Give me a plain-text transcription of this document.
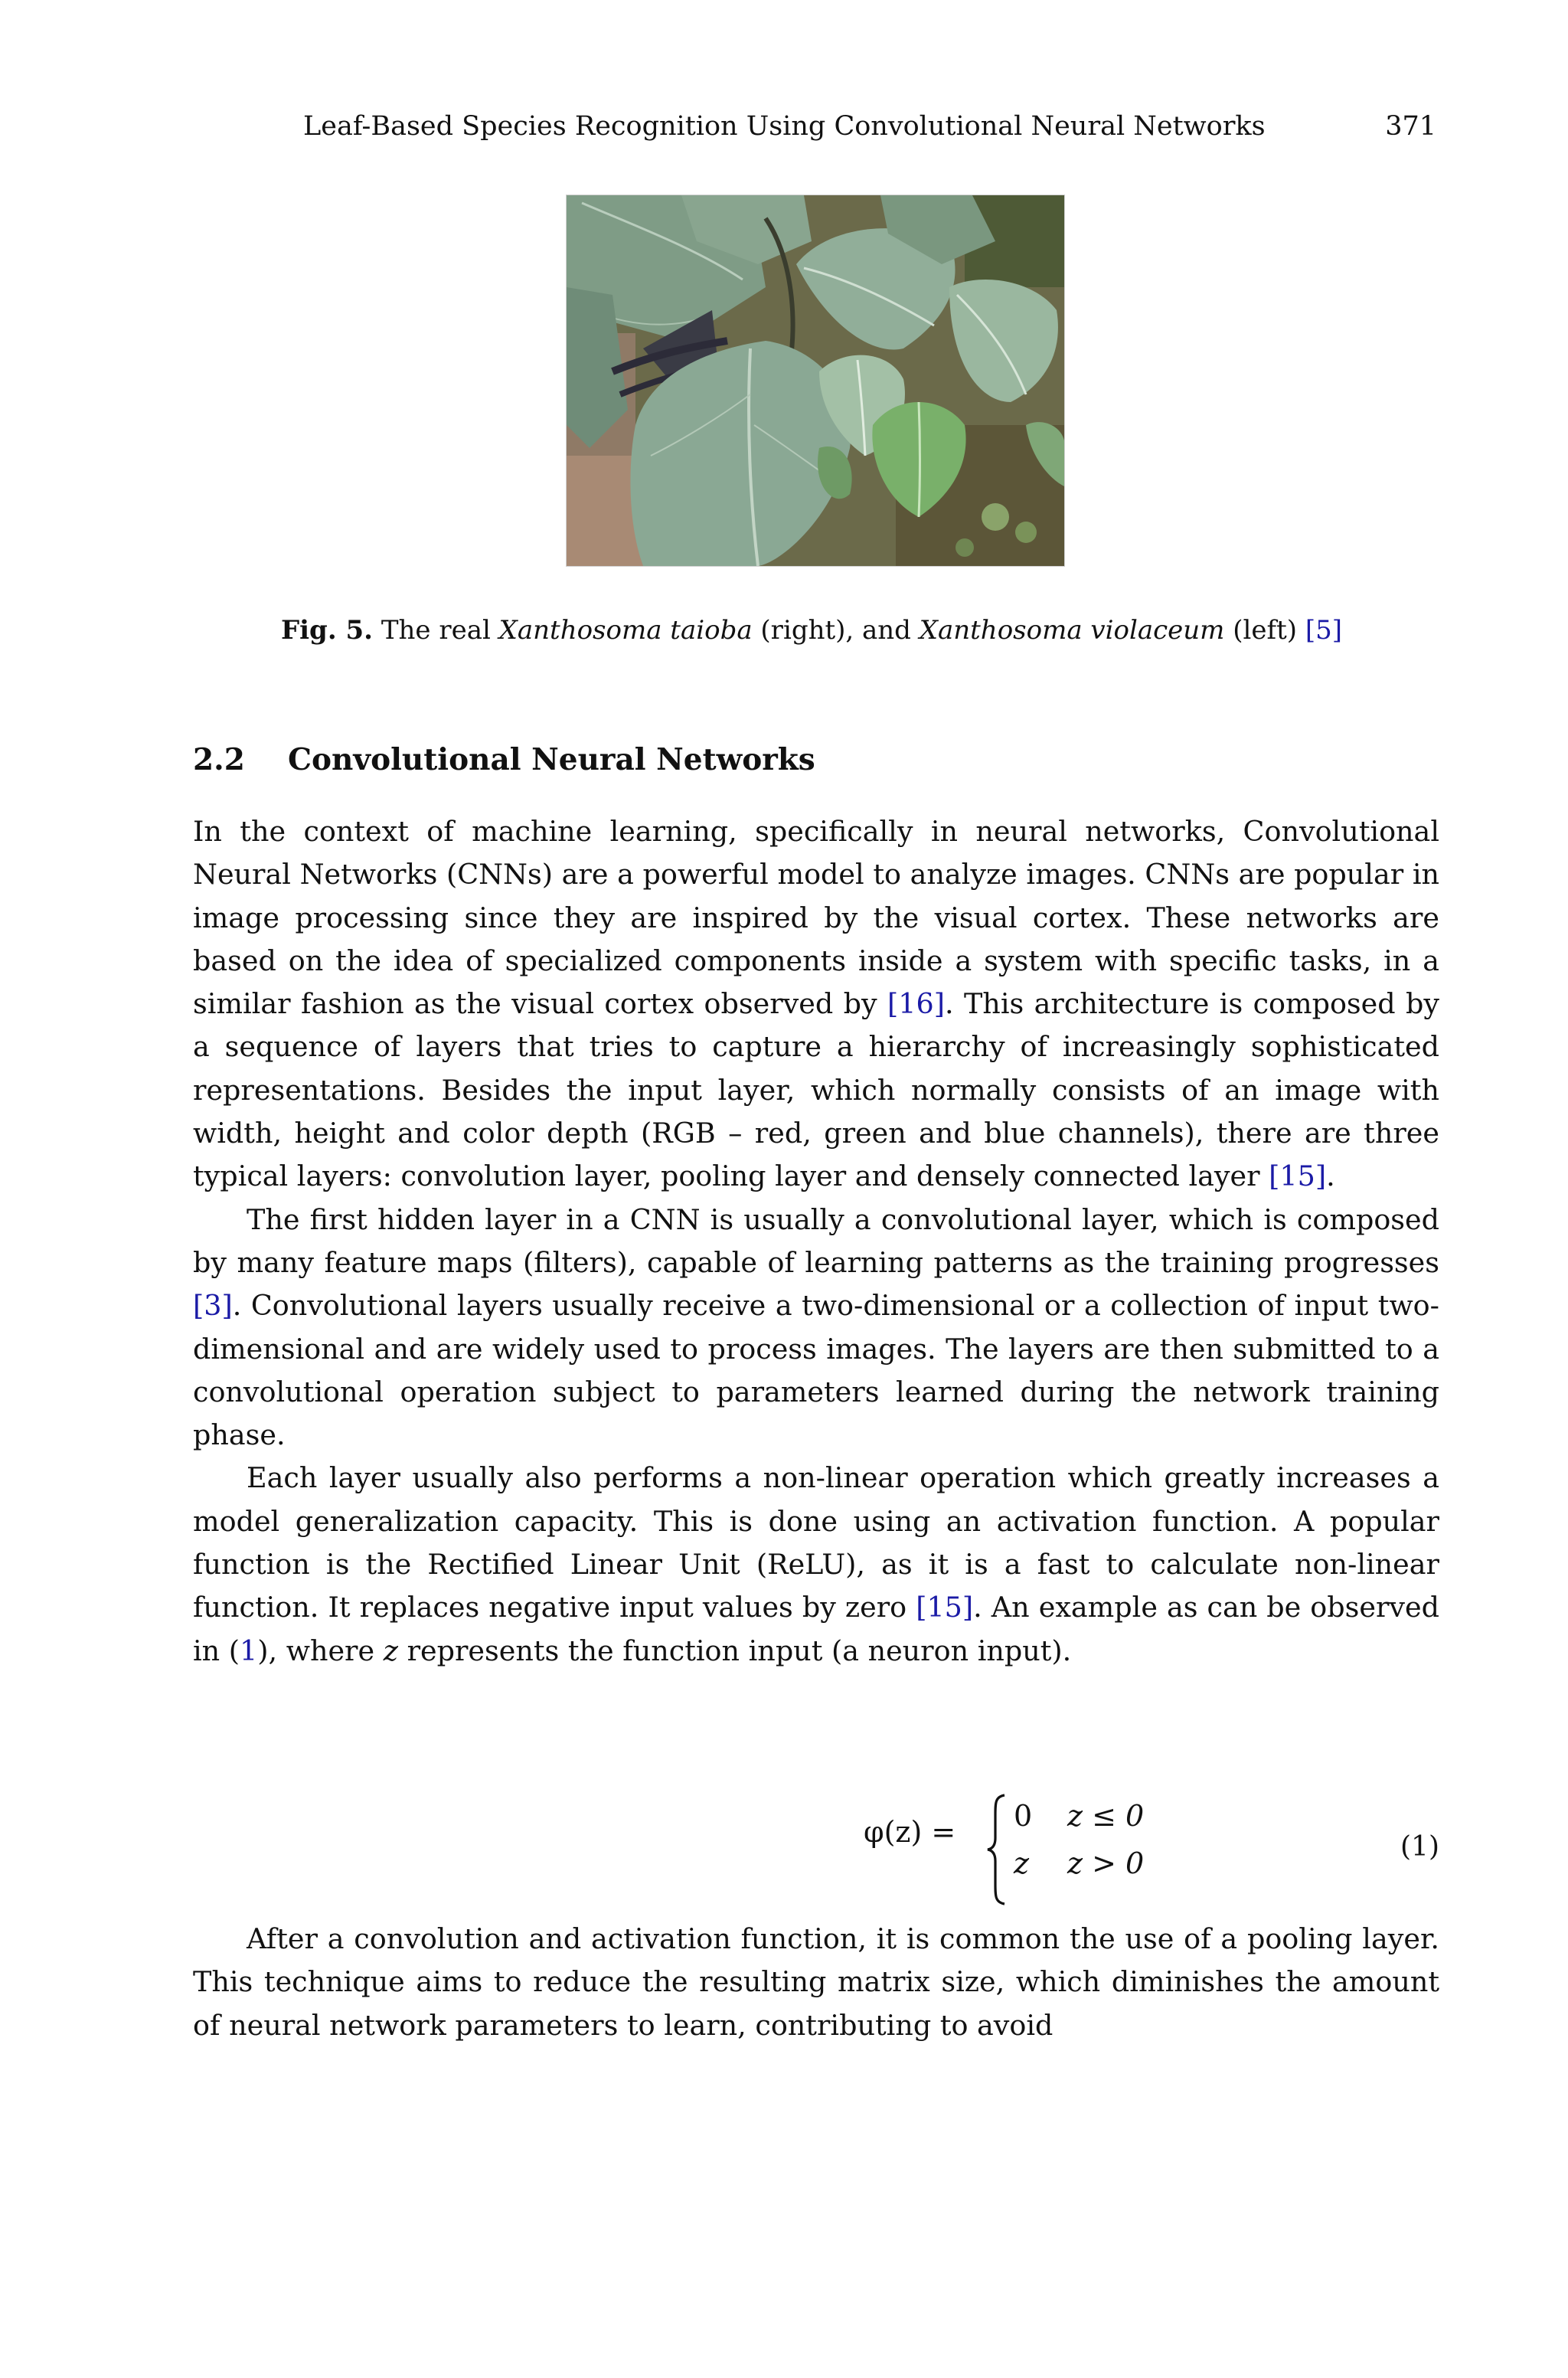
Leaf-Based Species Recognition Using Convolutional Neural Networks	371
Fig. 5. The real Xanthosoma taioba (right), and Xanthosoma violaceum (left) [5]
2.2 Convolutional Neural Networks

In the context of machine learning, specifically in neural networks, Convolutional Neural Networks (CNNs) are a powerful model to analyze images. CNNs are popular in image processing since they are inspired by the visual cortex. These networks are based on the idea of specialized components inside a system with specific tasks, in a similar fashion as the visual cortex observed by [16]. This architecture is composed by a sequence of layers that tries to capture a hierarchy of increasingly sophisticated representations. Besides the input layer, which normally consists of an image with width, height and color depth (RGB – red, green and blue channels), there are three typical layers: convolution layer, pooling layer and densely connected layer [15].

The first hidden layer in a CNN is usually a convolutional layer, which is composed by many feature maps (filters), capable of learning patterns as the training progresses [3]. Convolutional layers usually receive a two-dimensional or a collection of input two-dimensional and are widely used to process images. The layers are then submitted to a convolutional operation subject to parameters learned during the network training phase.

Each layer usually also performs a non-linear operation which greatly increases a model generalization capacity. This is done using an activation function. A popular function is the Rectified Linear Unit (ReLU), as it is a fast to calculate non-linear function. It replaces negative input values by zero [15]. An example as can be observed in (1), where z represents the function input (a neuron input).

φ(z) = 0 z ≤ 0
z z > 0	(1)

After a convolution and activation function, it is common the use of a pooling layer. This technique aims to reduce the resulting matrix size, which diminishes the amount of neural network parameters to learn, contributing to avoid
